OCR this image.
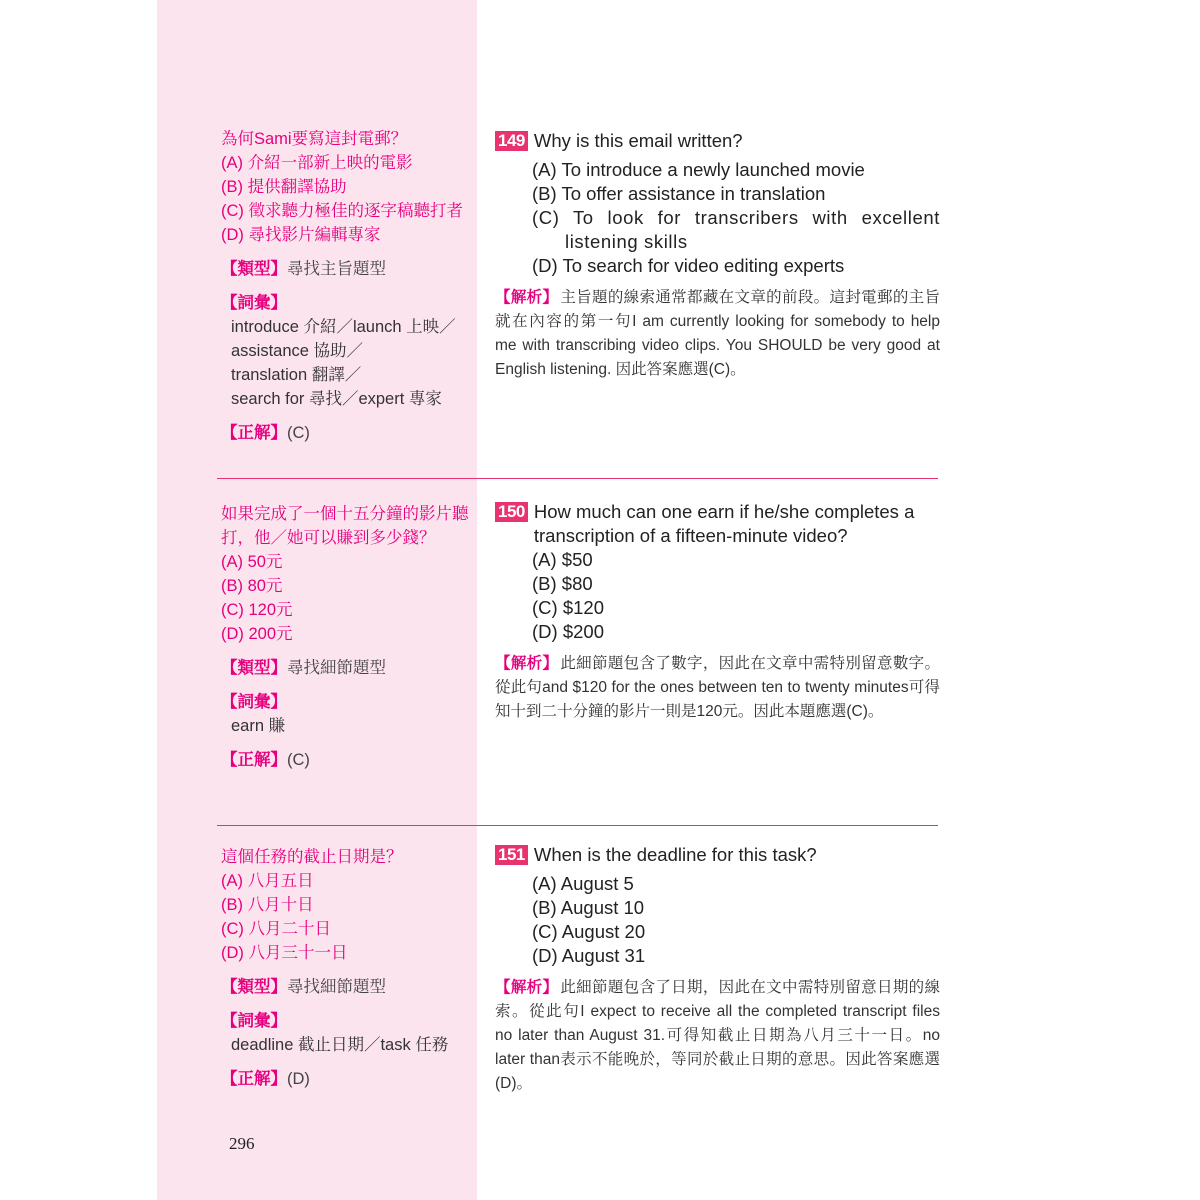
為何Sami要寫這封電郵？
(A) 介紹一部新上映的電影
(B) 提供翻譯協助
(C) 徵求聽力極佳的逐字稿聽打者
(D) 尋找影片編輯專家
【類型】尋找主旨題型
【詞彙】
introduce 介紹／launch 上映／
assistance 協助／
translation 翻譯／
search for 尋找／expert 專家
【正解】(C)
149 Why is this email written?
(A) To introduce a newly launched movie
(B) To offer assistance in translation
(C) To look for transcribers with excellent listening skills
(D) To search for video editing experts
【解析】 主旨題的線索通常都藏在文章的前段。這封電郵的主旨就在內容的第一句I am currently looking for somebody to help me with transcribing video clips. You SHOULD be very good at English listening. 因此答案應選(C)。
如果完成了一個十五分鐘的影片聽打，他／她可以賺到多少錢？
(A) 50元
(B) 80元
(C) 120元
(D) 200元
【類型】尋找細節題型
【詞彙】
earn 賺
【正解】(C)
150 How much can one earn if he/she completes a transcription of a fifteen-minute video?
(A) $50
(B) $80
(C) $120
(D) $200
【解析】 此細節題包含了數字，因此在文章中需特別留意數字。從此句and $120 for the ones between ten to twenty minutes可得知十到二十分鐘的影片一則是120元。因此本題應選(C)。
這個任務的截止日期是？
(A) 八月五日
(B) 八月十日
(C) 八月二十日
(D) 八月三十一日
【類型】尋找細節題型
【詞彙】
deadline 截止日期／task 任務
【正解】(D)
151 When is the deadline for this task?
(A) August 5
(B) August 10
(C) August 20
(D) August 31
【解析】 此細節題包含了日期，因此在文中需特別留意日期的線索。從此句I expect to receive all the completed transcript files no later than August 31.可得知截止日期為八月三十一日。no later than表示不能晚於，等同於截止日期的意思。因此答案應選(D)。
296
